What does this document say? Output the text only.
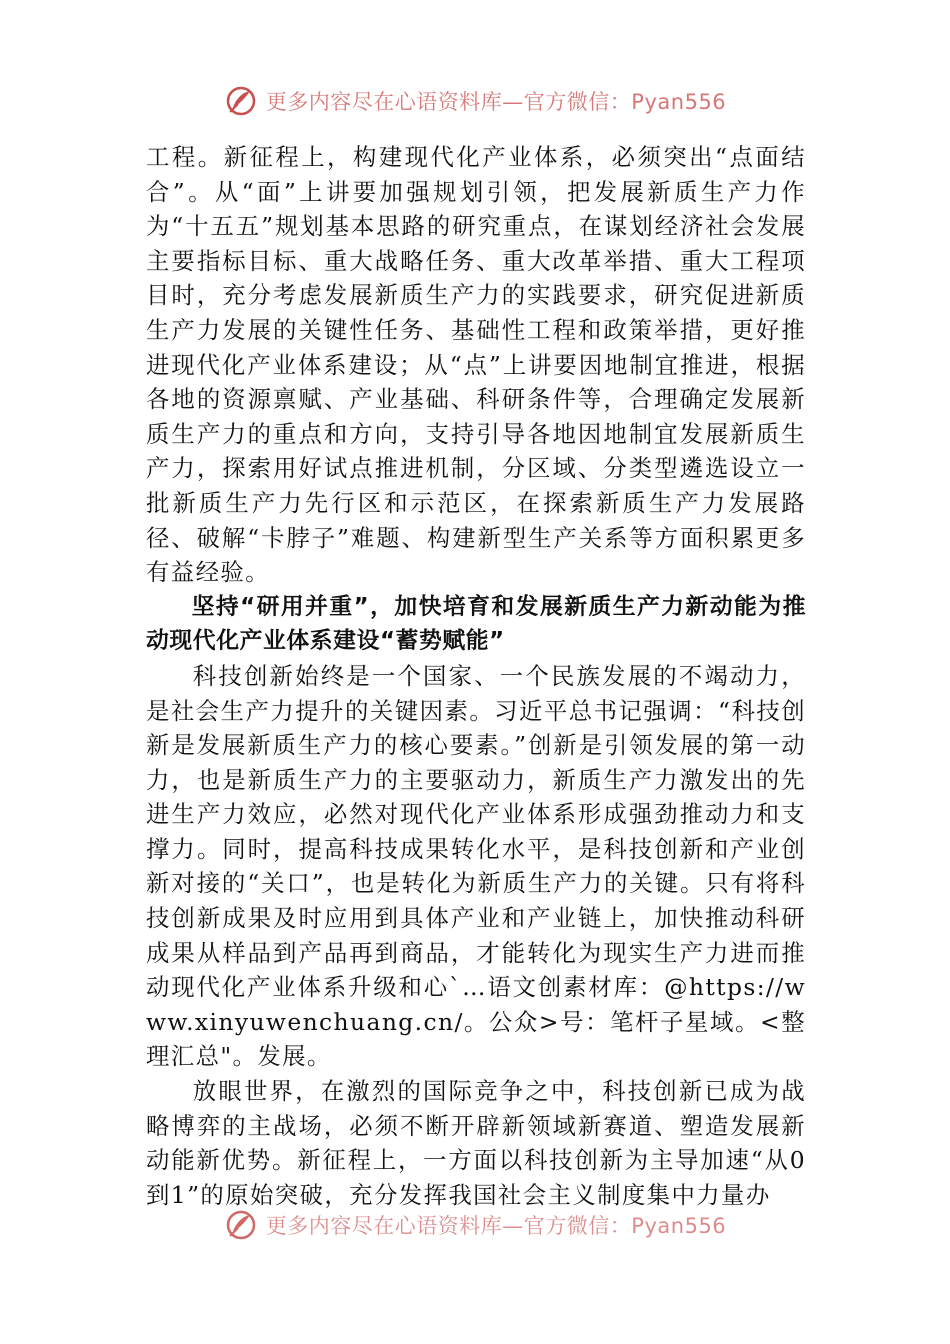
更多内容尽在心语资料库—官方微信：Pyan556

工程。新征程上，构建现代化产业体系，必须突出“点面结合”。从“面”上讲要加强规划引领，把发展新质生产力作为“十五五”规划基本思路的研究重点，在谋划经济社会发展主要指标目标、重大战略任务、重大改革举措、重大工程项目时，充分考虑发展新质生产力的实践要求，研究促进新质生产力发展的关键性任务、基础性工程和政策举措，更好推进现代化产业体系建设；从“点”上讲要因地制宜推进，根据各地的资源禀赋、产业基础、科研条件等，合理确定发展新质生产力的重点和方向，支持引导各地因地制宜发展新质生产力，探索用好试点推进机制，分区域、分类型遴选设立一批新质生产力先行区和示范区，在探索新质生产力发展路径、破解“卡脖子”难题、构建新型生产关系等方面积累更多有益经验。

坚持“研用并重”，加快培育和发展新质生产力新动能为推动现代化产业体系建设“蓄势赋能”

科技创新始终是一个国家、一个民族发展的不竭动力，是社会生产力提升的关键因素。习近平总书记强调：“科技创新是发展新质生产力的核心要素。”创新是引领发展的第一动力，也是新质生产力的主要驱动力，新质生产力激发出的先进生产力效应，必然对现代化产业体系形成强劲推动力和支撑力。同时，提高科技成果转化水平，是科技创新和产业创新对接的“关口”，也是转化为新质生产力的关键。只有将科技创新成果及时应用到具体产业和产业链上，加快推动科研成果从样品到产品再到商品，才能转化为现实生产力进而推动现代化产业体系升级和心`…语文创素材库：@https://www.xinyuwenchuang.cn/。公众>号：笔杆子星域。<整理汇总"。发展。

放眼世界，在激烈的国际竞争之中，科技创新已成为战略博弈的主战场，必须不断开辟新领域新赛道、塑造发展新动能新优势。新征程上，一方面以科技创新为主导加速“从0到1”的原始突破，充分发挥我国社会主义制度集中力量办

更多内容尽在心语资料库—官方微信：Pyan556
